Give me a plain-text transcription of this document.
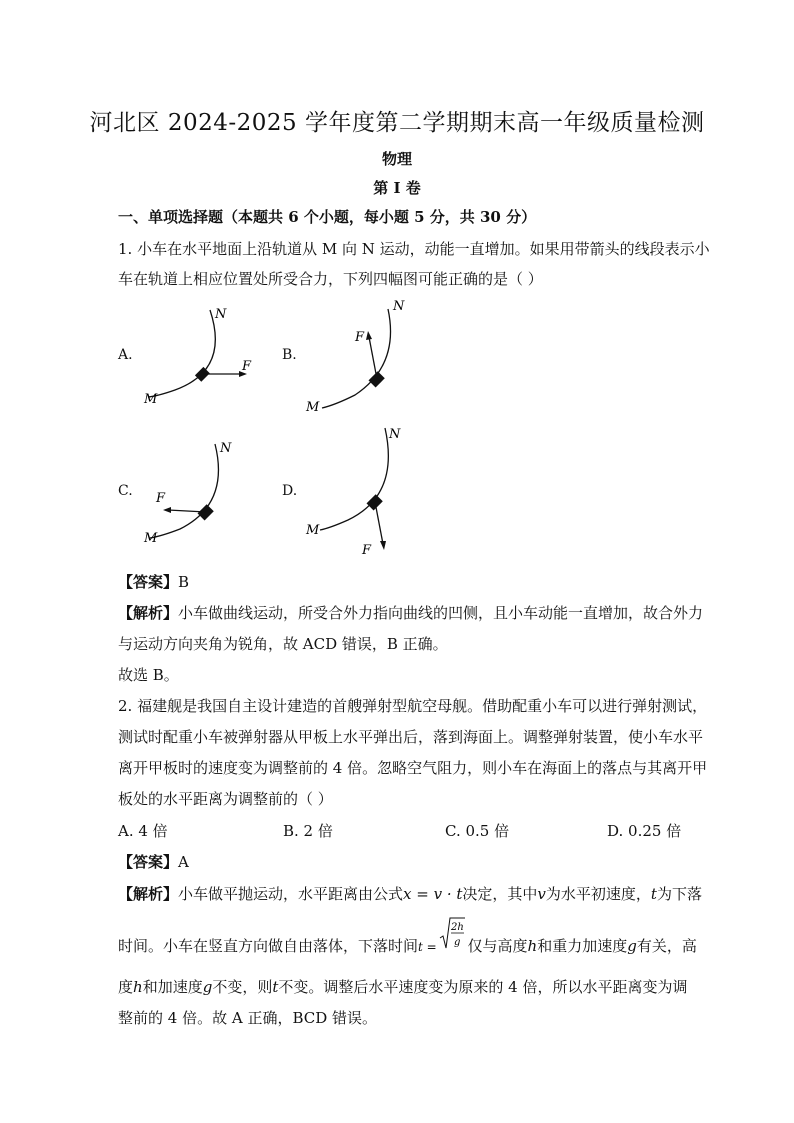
河北区 2024-2025 学年度第二学期期末高一年级质量检测
物理
第 I 卷
一、单项选择题（本题共 6 个小题，每小题 5 分，共 30 分）
1. 小车在水平地面上沿轨道从 M 向 N 运动，动能一直增加。如果用带箭头的线段表示小
车在轨道上相应位置处所受合力，下列四幅图可能正确的是（ ）
A.
N
F
M
B.
N
F
M
C.
N
F
M
D.
N
F
M
【答案】B
【解析】小车做曲线运动，所受合外力指向曲线的凹侧，且小车动能一直增加，故合外力
与运动方向夹角为锐角，故 ACD 错误，B 正确。
故选 B。
2. 福建舰是我国自主设计建造的首艘弹射型航空母舰。借助配重小车可以进行弹射测试，
测试时配重小车被弹射器从甲板上水平弹出后，落到海面上。调整弹射装置，使小车水平
离开甲板时的速度变为调整前的 4 倍。忽略空气阻力，则小车在海面上的落点与其离开甲
板处的水平距离为调整前的（ ）
A. 4 倍	B. 2 倍	C. 0.5 倍	D. 0.25 倍
【答案】A
【解析】小车做平抛运动，水平距离由公式x = v · t决定，其中v为水平初速度，t为下落
时间。小车在竖直方向做自由落体，下落时间t =
2h
g 仅与高度h和重力加速度g有关，高
度h和加速度g不变，则t不变。调整后水平速度变为原来的 4 倍，所以水平距离变为调
整前的 4 倍。故 A 正确，BCD 错误。
